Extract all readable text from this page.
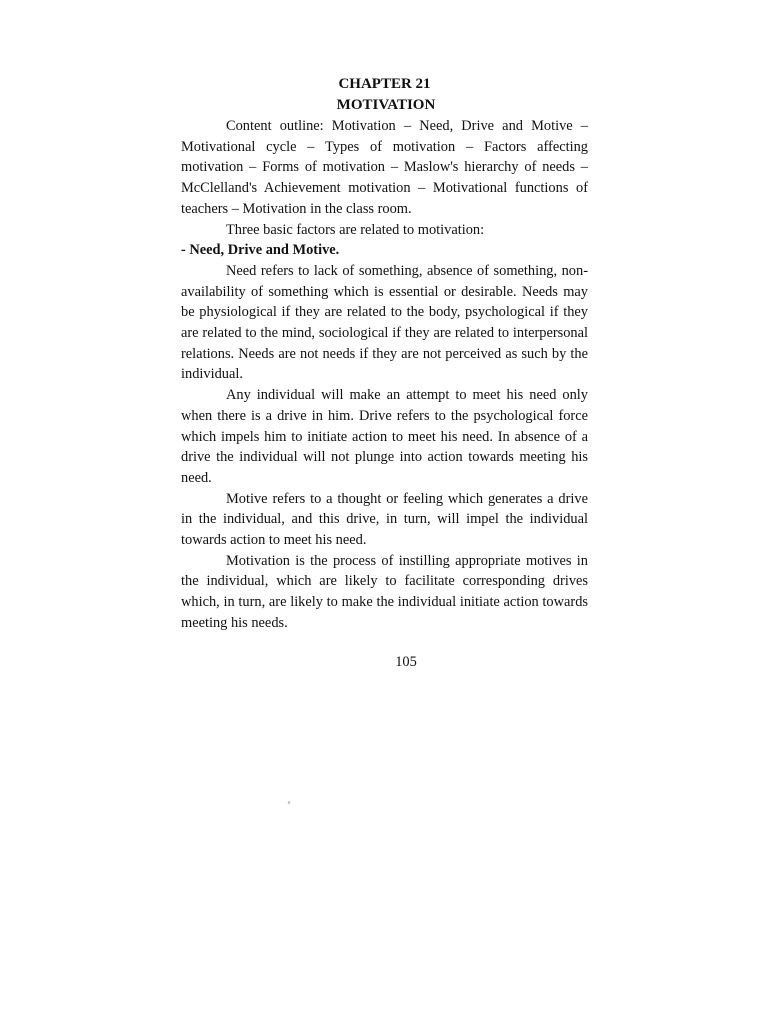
CHAPTER 21
MOTIVATION

Content outline: Motivation – Need, Drive and Motive – Motivational cycle – Types of motivation – Factors affecting motivation – Forms of motivation – Maslow's hierarchy of needs – McClelland's Achievement motivation – Motivational functions of teachers – Motivation in the class room.

Three basic factors are related to motivation:

- Need, Drive and Motive.

Need refers to lack of something, absence of something, non-availability of something which is essential or desirable. Needs may be physiological if they are related to the body, psychological if they are related to the mind, sociological if they are related to interpersonal relations. Needs are not needs if they are not perceived as such by the individual.

Any individual will make an attempt to meet his need only when there is a drive in him. Drive refers to the psychological force which impels him to initiate action to meet his need. In absence of a drive the individual will not plunge into action towards meeting his need.

Motive refers to a thought or feeling which generates a drive in the individual, and this drive, in turn, will impel the individual towards action to meet his need.

Motivation is the process of instilling appropriate motives in the individual, which are likely to facilitate corresponding drives which, in turn, are likely to make the individual initiate action towards meeting his needs.

105
